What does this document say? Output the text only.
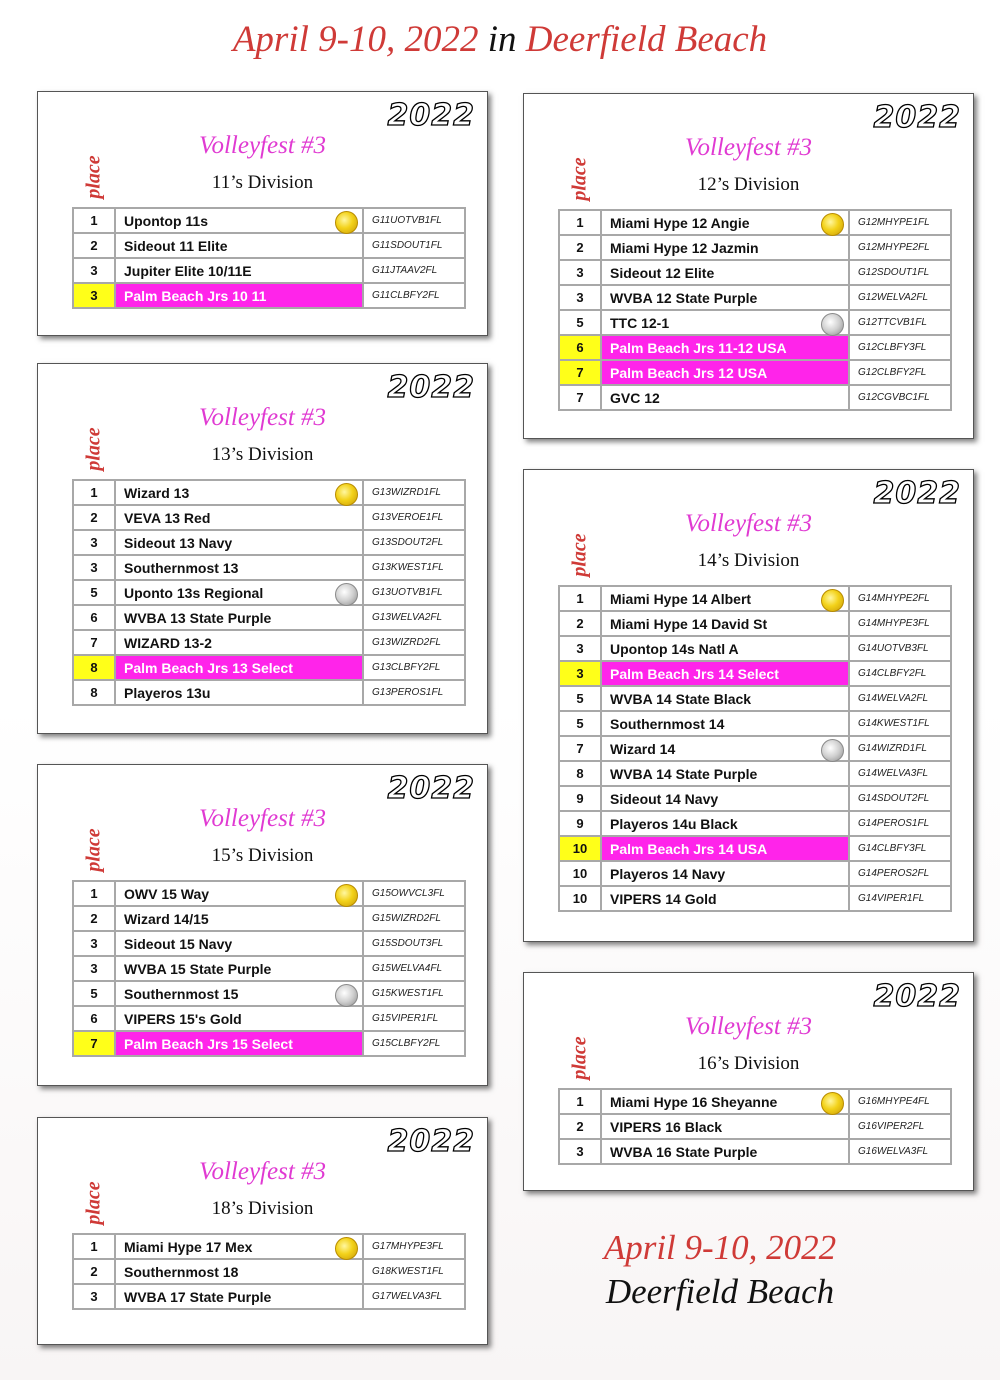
April 9-10, 2022 in Deerfield Beach
2022
Volleyfest #3
11’s Division
place
1	Upontop 11s	G11UOTVB1FL
2	Sideout 11 Elite	G11SDOUT1FL
3	Jupiter Elite 10/11E	G11JTAAV2FL
3	Palm Beach Jrs 10 11	G11CLBFY2FL
2022
Volleyfest #3
13’s Division
place
1	Wizard 13	G13WIZRD1FL
2	VEVA 13 Red	G13VEROE1FL
3	Sideout 13 Navy	G13SDOUT2FL
3	Southernmost 13	G13KWEST1FL
5	Uponto 13s Regional	G13UOTVB1FL
6	WVBA 13 State Purple	G13WELVA2FL
7	WIZARD 13-2	G13WIZRD2FL
8	Palm Beach Jrs 13 Select	G13CLBFY2FL
8	Playeros 13u	G13PEROS1FL
2022
Volleyfest #3
15’s Division
place
1	OWV 15 Way	G15OWVCL3FL
2	Wizard 14/15	G15WIZRD2FL
3	Sideout 15 Navy	G15SDOUT3FL
3	WVBA 15 State Purple	G15WELVA4FL
5	Southernmost 15	G15KWEST1FL
6	VIPERS 15's Gold	G15VIPER1FL
7	Palm Beach Jrs 15 Select	G15CLBFY2FL
2022
Volleyfest #3
18’s Division
place
1	Miami Hype 17 Mex	G17MHYPE3FL
2	Southernmost 18	G18KWEST1FL
3	WVBA 17 State Purple	G17WELVA3FL
2022
Volleyfest #3
12’s Division
place
1	Miami Hype 12 Angie	G12MHYPE1FL
2	Miami Hype 12 Jazmin	G12MHYPE2FL
3	Sideout 12 Elite	G12SDOUT1FL
3	WVBA 12 State Purple	G12WELVA2FL
5	TTC 12-1	G12TTCVB1FL
6	Palm Beach Jrs 11-12 USA	G12CLBFY3FL
7	Palm Beach Jrs 12 USA	G12CLBFY2FL
7	GVC 12	G12CGVBC1FL
2022
Volleyfest #3
14’s Division
place
1	Miami Hype 14 Albert	G14MHYPE2FL
2	Miami Hype 14 David St	G14MHYPE3FL
3	Upontop 14s Natl A	G14UOTVB3FL
3	Palm Beach Jrs 14 Select	G14CLBFY2FL
5	WVBA 14 State Black	G14WELVA2FL
5	Southernmost 14	G14KWEST1FL
7	Wizard 14	G14WIZRD1FL
8	WVBA 14 State Purple	G14WELVA3FL
9	Sideout 14 Navy	G14SDOUT2FL
9	Playeros 14u Black	G14PEROS1FL
10	Palm Beach Jrs 14 USA	G14CLBFY3FL
10	Playeros 14 Navy	G14PEROS2FL
10	VIPERS 14 Gold	G14VIPER1FL
2022
Volleyfest #3
16’s Division
place
1	Miami Hype 16 Sheyanne	G16MHYPE4FL
2	VIPERS 16 Black	G16VIPER2FL
3	WVBA 16 State Purple	G16WELVA3FL
April 9-10, 2022
Deerfield Beach
